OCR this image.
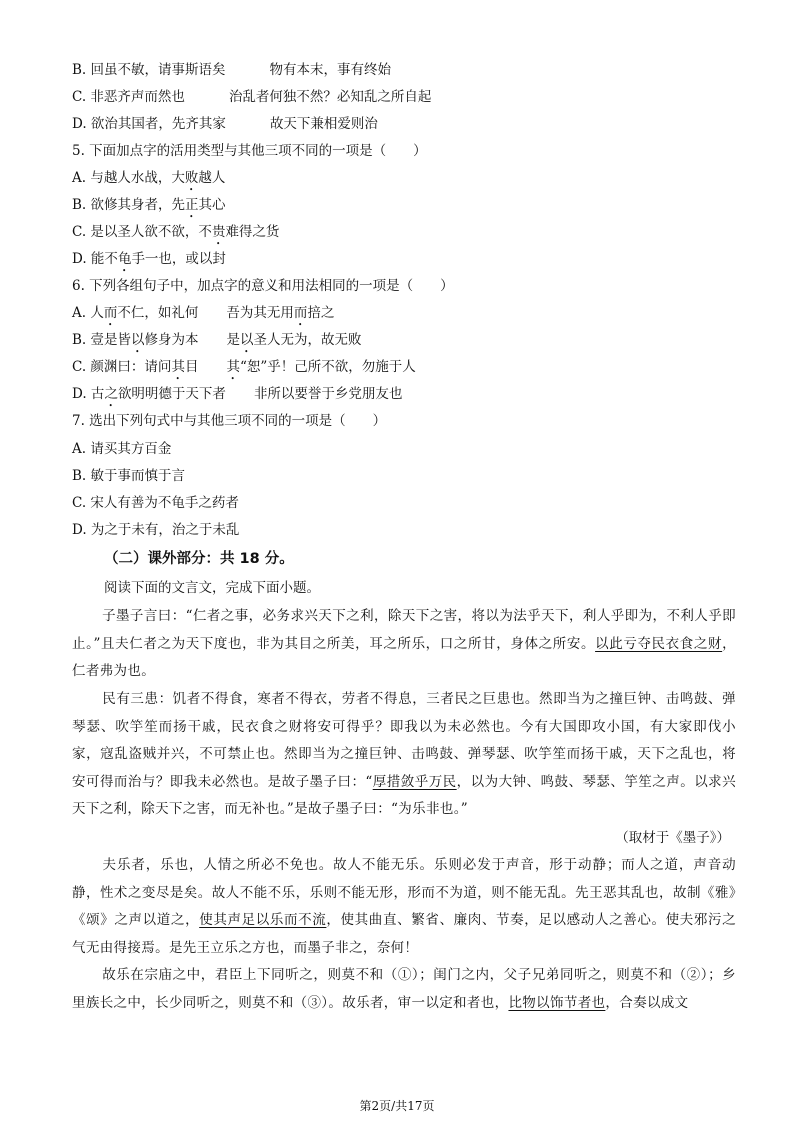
B. 回虽不敏，请事斯语矣	物有本末，事有终始
C. 非恶齐声而然也	治乱者何独不然？必知乱之所自起
D. 欲治其国者，先齐其家	故天下兼相爱则治
5. 下面加点字的活用类型与其他三项不同的一项是（　　）
A. 与越人水战，大败越人
B. 欲修其身者，先正其心
C. 是以圣人欲不欲，不贵难得之货
D. 能不龟手一也，或以封
6. 下列各组句子中，加点字的意义和用法相同的一项是（　　）
A. 人而不仁，如礼何 吾为其无用而掊之
B. 壹是皆以修身为本 是以圣人无为，故无败
C. 颜渊曰：请问其目 其“恕”乎！己所不欲，勿施于人
D. 古之欲明明德于天下者 非所以要誉于乡党朋友也
7. 选出下列句式中与其他三项不同的一项是（　　）
A. 请买其方百金
B. 敏于事而慎于言
C. 宋人有善为不龟手之药者
D. 为之于未有，治之于未乱
（二）课外部分：共 18 分。
阅读下面的文言文，完成下面小题。
子墨子言曰：“仁者之事，必务求兴天下之利，除天下之害，将以为法乎天下，利人乎即为，不利人乎即止。”且夫仁者之为天下度也，非为其目之所美，耳之所乐，口之所甘，身体之所安。以此亏夺民衣食之财，仁者弗为也。
民有三患：饥者不得食，寒者不得衣，劳者不得息，三者民之巨患也。然即当为之撞巨钟、击鸣鼓、弹琴瑟、吹竽笙而扬干戚，民衣食之财将安可得乎？即我以为未必然也。今有大国即攻小国，有大家即伐小家，寇乱盗贼并兴，不可禁止也。然即当为之撞巨钟、击鸣鼓、弹琴瑟、吹竽笙而扬干戚，天下之乱也，将安可得而治与？即我未必然也。是故子墨子曰：“厚措敛乎万民，以为大钟、鸣鼓、琴瑟、竽笙之声。以求兴天下之利，除天下之害，而无补也。”是故子墨子曰：“为乐非也。”
（取材于《墨子》）
夫乐者，乐也，人情之所必不免也。故人不能无乐。乐则必发于声音，形于动静；而人之道，声音动静，性术之变尽是矣。故人不能不乐，乐则不能无形，形而不为道，则不能无乱。先王恶其乱也，故制《雅》《颂》之声以道之，使其声足以乐而不流，使其曲直、繁省、廉肉、节奏，足以感动人之善心。使夫邪污之气无由得接焉。是先王立乐之方也，而墨子非之，奈何！
故乐在宗庙之中，君臣上下同听之，则莫不和（①）；闺门之内，父子兄弟同听之，则莫不和（②）；乡里族长之中，长少同听之，则莫不和（③）。故乐者，审一以定和者也，比物以饰节者也，合奏以成文
第2页/共17页
